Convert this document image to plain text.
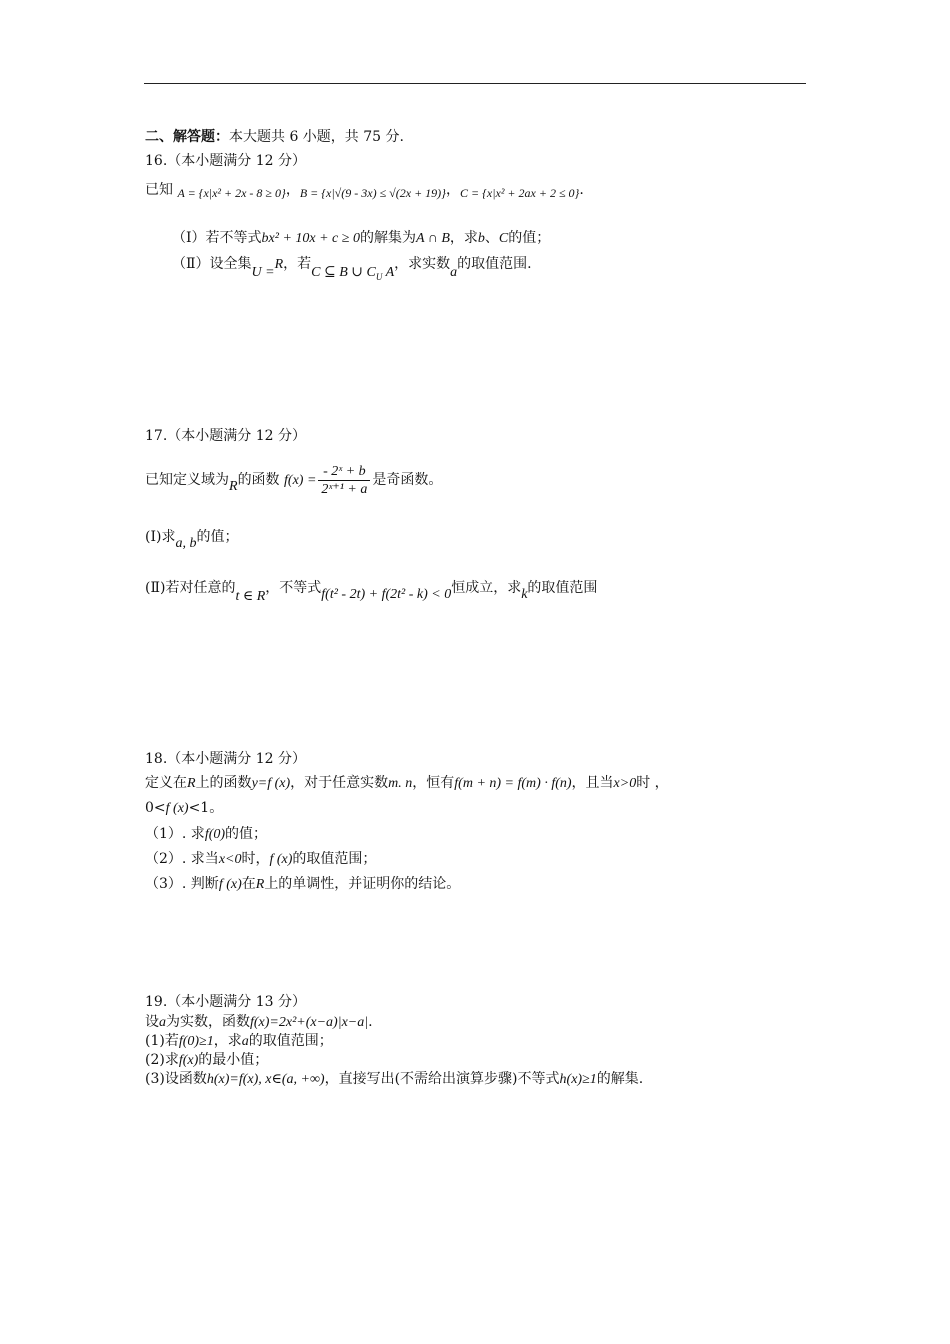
二、解答题：本大题共 6 小题，共 75 分.
16.（本小题满分 12 分）
已知 A = {x|x² + 2x - 8 ≥ 0}，B = {x|√(9 - 3x) ≤ √(2x + 19)}，C = {x|x² + 2ax + 2 ≤ 0}.
（Ⅰ）若不等式bx² + 10x + c ≥ 0的解集为A ∩ B，求b、C的值；
（Ⅱ）设全集U =R，若C ⊆ B ∪ $C_U$ A，求实数a的取值范围.
17.（本小题满分 12 分）
已知定义域为R的函数 $f(x) = \frac{\text{- 2ˣ + b}}{\text{2ˣ⁺¹ + a}}$ 是奇函数。
(Ⅰ)求a, b的值；
(Ⅱ)若对任意的t ∈ R，不等式f(t² - 2t) + f(2t² - k) < 0恒成立，求k的取值范围
18.（本小题满分 12 分）
定义在R上的函数y=f (x)，对于任意实数m. n，恒有f(m + n) = f(m) · f(n)，且当x>0时 ，
0<f (x)<1。
（1）. 求f(0)的值；
（2）. 求当x<0时，f (x)的取值范围；
（3）. 判断f (x)在R上的单调性，并证明你的结论。
19.（本小题满分 13 分）
设a为实数，函数f(x)=2x²+(x−a)|x−a|.
(1)若f(0)≥1，求a的取值范围；
(2)求f(x)的最小值；
(3)设函数h(x)=f(x), x∈(a, +∞)，直接写出(不需给出演算步骤)不等式h(x)≥1的解集.
